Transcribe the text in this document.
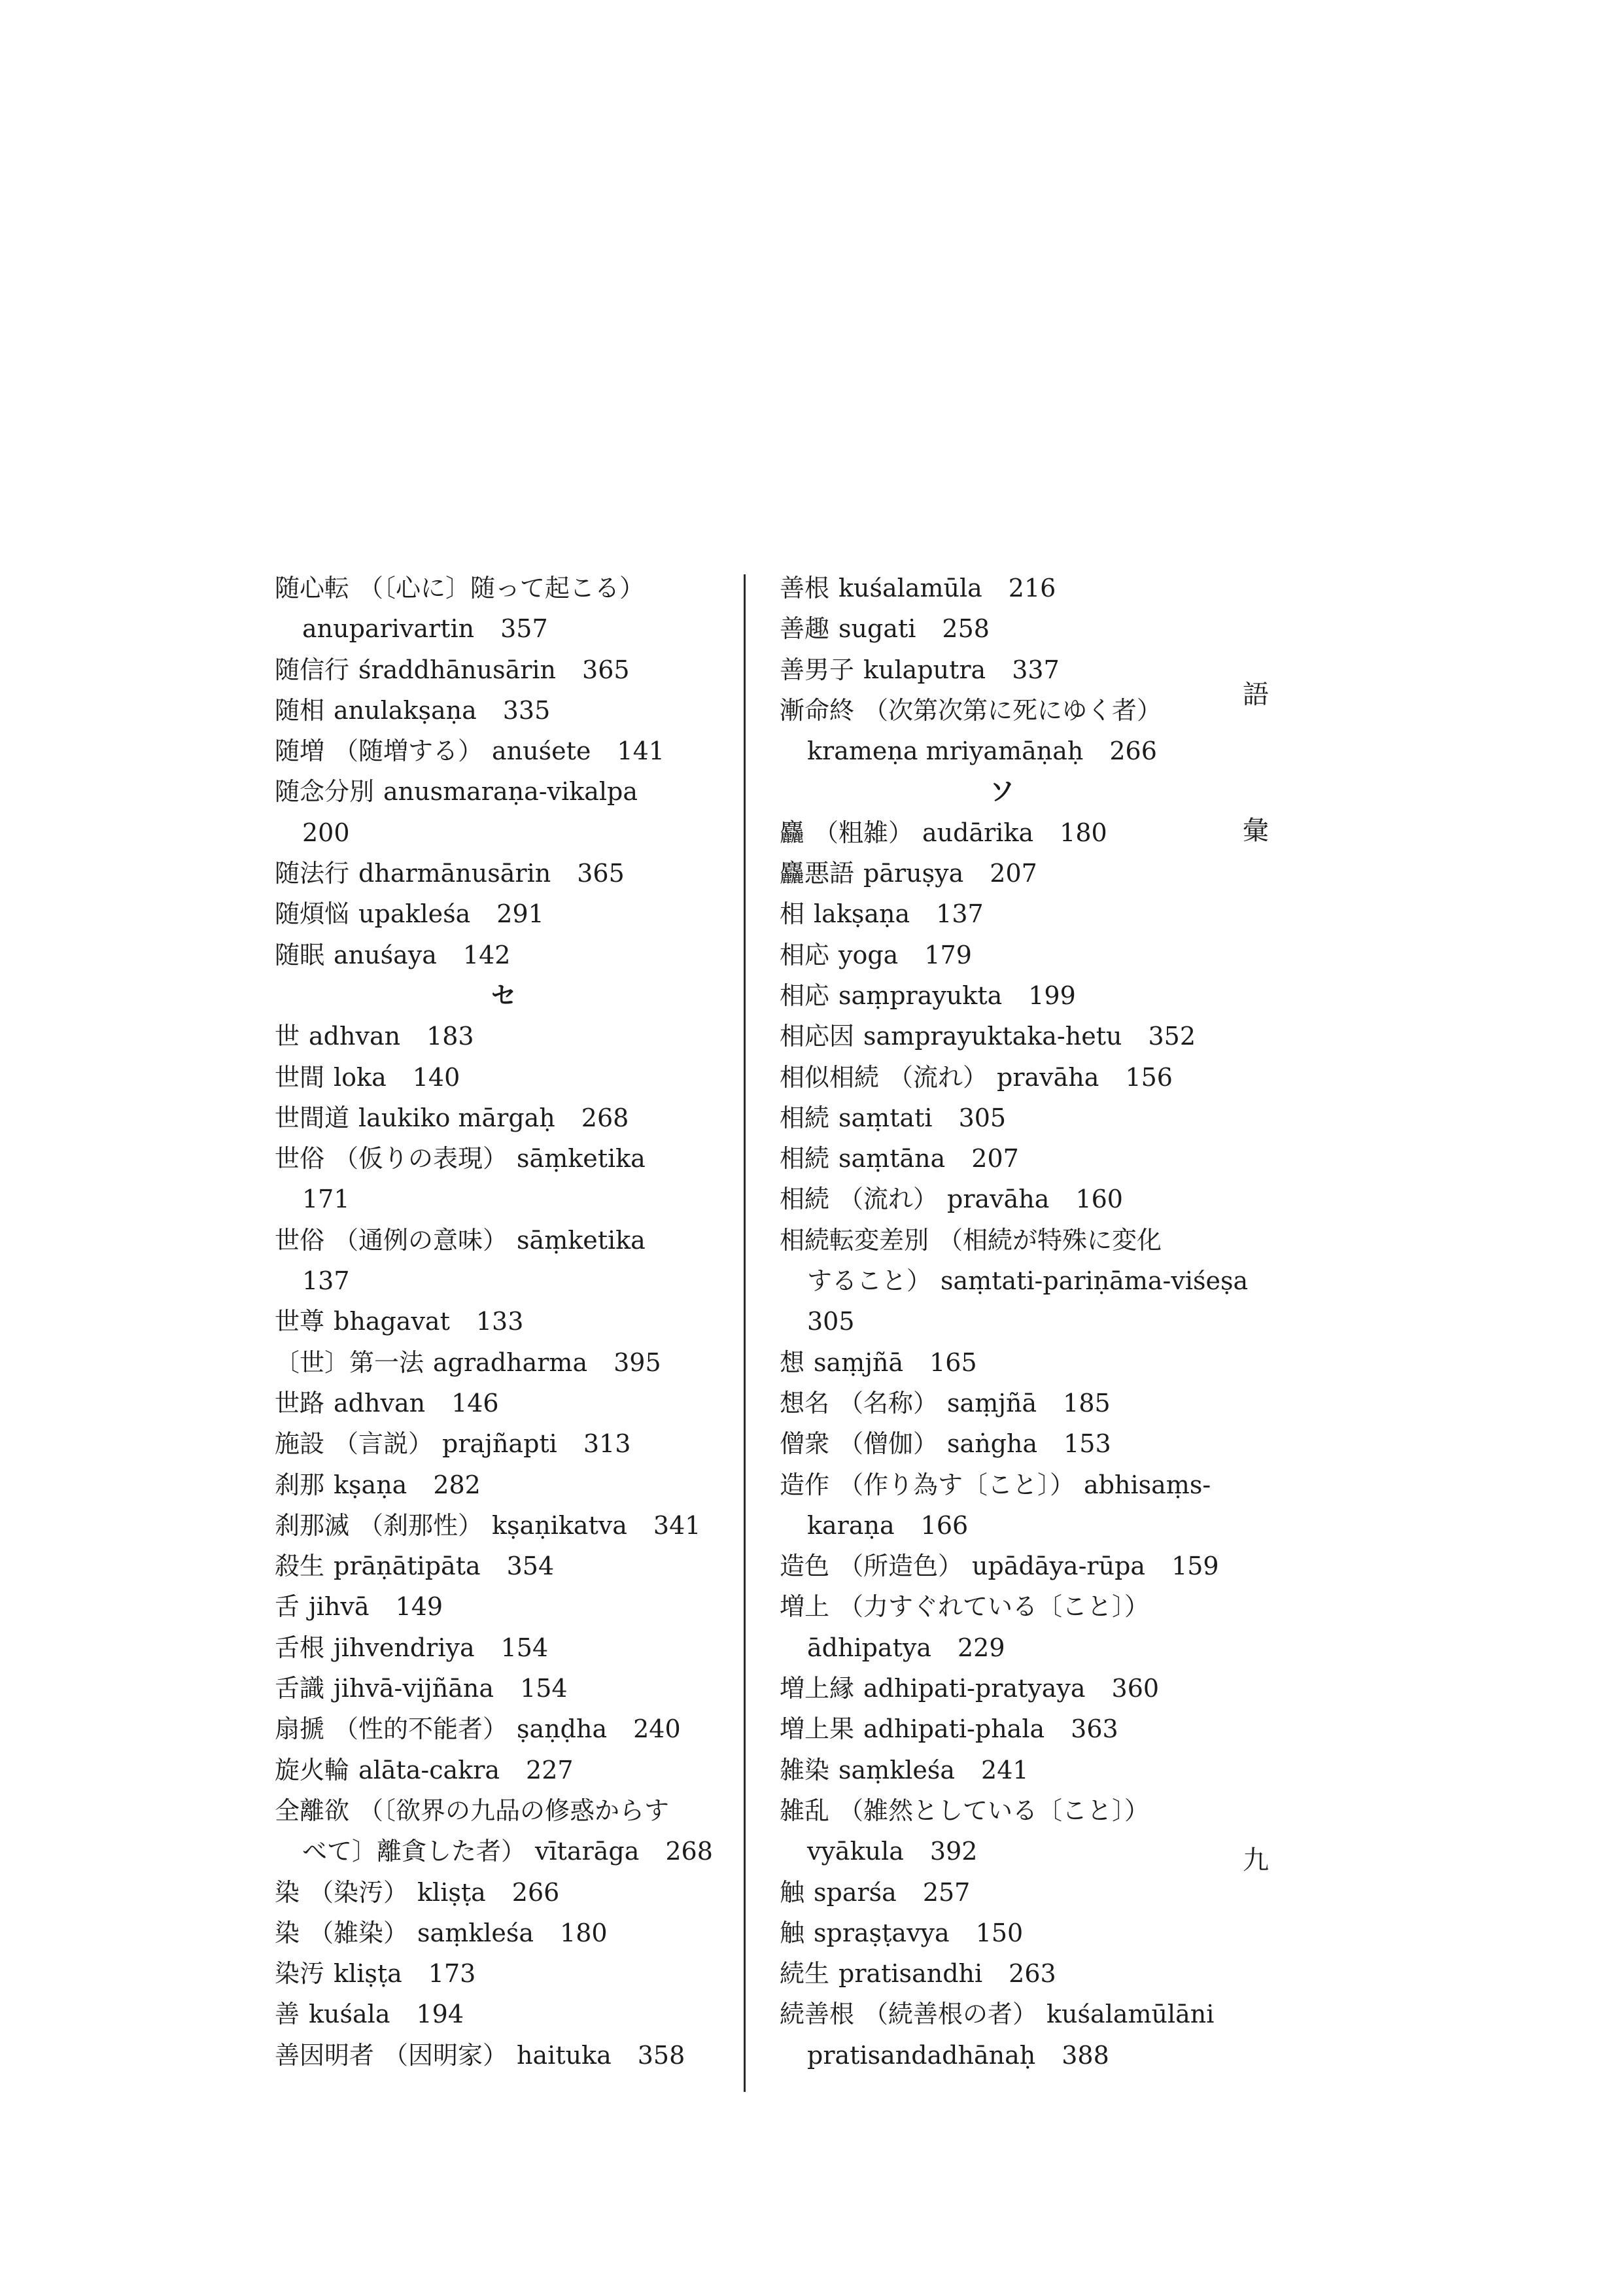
随心転 （〔心に〕随って起こる）
anuparivartin 357
随信行 śraddhānusārin 365
随相 anulakṣaṇa 335
随増 （随増する） anuśete 141
随念分別 anusmaraṇa-vikalpa
200
随法行 dharmānusārin 365
随煩悩 upakleśa 291
随眠 anuśaya 142
セ
世 adhvan 183
世間 loka 140
世間道 laukiko mārgaḥ 268
世俗 （仮りの表現） sāṃketika
171
世俗 （通例の意味） sāṃketika
137
世尊 bhagavat 133
〔世〕第一法 agradharma 395
世路 adhvan 146
施設 （言説） prajñapti 313
刹那 kṣaṇa 282
刹那滅 （刹那性） kṣaṇikatva 341
殺生 prāṇātipāta 354
舌 jihvā 149
舌根 jihvendriya 154
舌識 jihvā-vijñāna 154
扇搋 （性的不能者） ṣaṇḍha 240
旋火輪 alāta-cakra 227
全離欲 （〔欲界の九品の修惑からす
べて〕離貪した者） vītarāga 268
染 （染汚） kliṣṭa 266
染 （雑染） saṃkleśa 180
染汚 kliṣṭa 173
善 kuśala 194
善因明者 （因明家） haituka 358
善根 kuśalamūla 216
善趣 sugati 258
善男子 kulaputra 337
漸命終 （次第次第に死にゆく者）
krameṇa mriyamāṇaḥ 266
ソ
麤 （粗雑） audārika 180
麤悪語 pāruṣya 207
相 lakṣaṇa 137
相応 yoga 179
相応 saṃprayukta 199
相応因 samprayuktaka-hetu 352
相似相続 （流れ） pravāha 156
相続 saṃtati 305
相続 saṃtāna 207
相続 （流れ） pravāha 160
相続転変差別 （相続が特殊に変化
すること） saṃtati-pariṇāma-viśeṣa
305
想 saṃjñā 165
想名 （名称） saṃjñā 185
僧衆 （僧伽） saṅgha 153
造作 （作り為す〔こと〕） abhisaṃs-
karaṇa 166
造色 （所造色） upādāya-rūpa 159
増上 （力すぐれている〔こと〕）
ādhipatya 229
増上縁 adhipati-pratyaya 360
増上果 adhipati-phala 363
雑染 saṃkleśa 241
雑乱 （雑然としている〔こと〕）
vyākula 392
触 sparśa 257
触 spraṣṭavya 150
続生 pratisandhi 263
続善根 （続善根の者） kuśalamūlāni
pratisandadhānaḥ 388
語
彙
九
